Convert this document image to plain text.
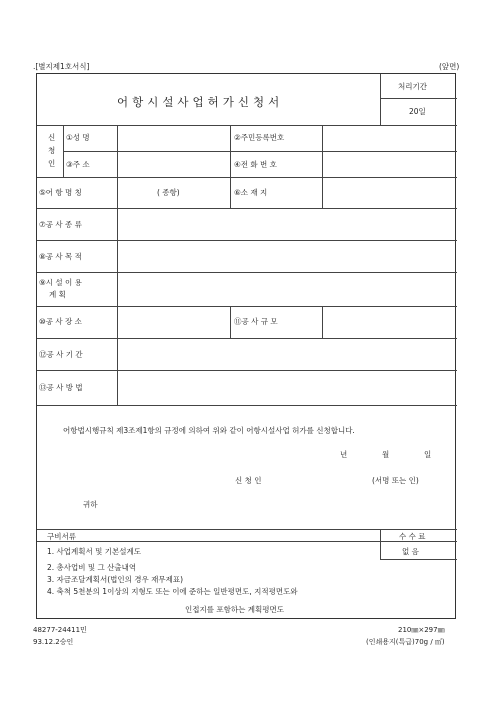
.[별지제1호서식]	(앞면)
어항시설사업허가신청서
처리기간
20일
신
청
인
①성 명	②주민등록번호
③주 소	④전 화 번 호
⑤어 항 명 칭	( 종항)	⑥소 재 지
⑦공 사 종 류
⑧공 사 목 적
⑨시 설 이 용
계 획
⑩공 사 장 소	⑪공 사 규 모
⑫공 사 기 간
⑬공 사 방 법
어항법시행규칙 제3조제1항의 규정에 의하여 위와 같이 어항시설사업 허가를 신청합니다.
년	월	일
신 청 인	(서명 또는 인)
귀하
구비서류	수 수 료
없 음
1. 사업계획서 및 기본설계도
2. 총사업비 및 그 산출내역
3. 자금조달계획서(법인의 경우 재무제표)
4. 축척 5천분의 1이상의 지형도 또는 이에 준하는 일반평면도, 지적평면도와
인접지를 포함하는 계획평면도
48277-24411민
93.12.2승인
210㎜×297㎜
(인쇄용지(특급)70g / ㎡)
